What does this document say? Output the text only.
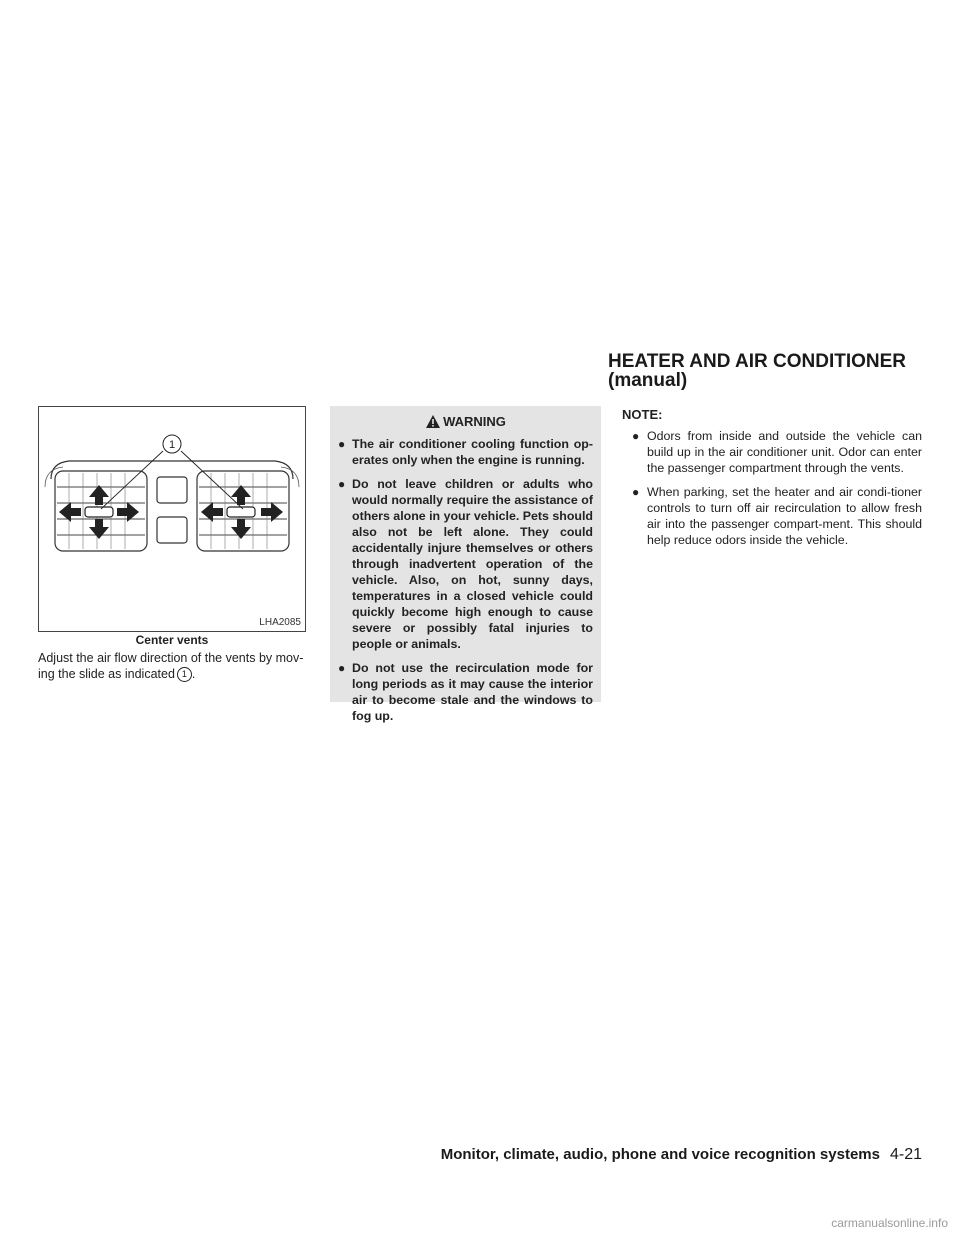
HEATER AND AIR CONDITIONER
(manual)
1
LHA2085
Center vents
Adjust the air flow direction of the vents by mov-ing the slide as indicated 1 .
WARNING
● The air conditioner cooling function op-erates only when the engine is running.
● Do not leave children or adults who would normally require the assistance of others alone in your vehicle. Pets should also not be left alone. They could accidentally injure themselves or others through inadvertent operation of the vehicle. Also, on hot, sunny days, temperatures in a closed vehicle could quickly become high enough to cause severe or possibly fatal injuries to people or animals.
● Do not use the recirculation mode for long periods as it may cause the interior air to become stale and the windows to fog up.
NOTE:
● Odors from inside and outside the vehicle can build up in the air conditioner unit. Odor can enter the passenger compartment through the vents.
● When parking, set the heater and air condi-tioner controls to turn off air recirculation to allow fresh air into the passenger compart-ment. This should help reduce odors inside the vehicle.
Monitor, climate, audio, phone and voice recognition systems 4-21
carmanualsonline.info
